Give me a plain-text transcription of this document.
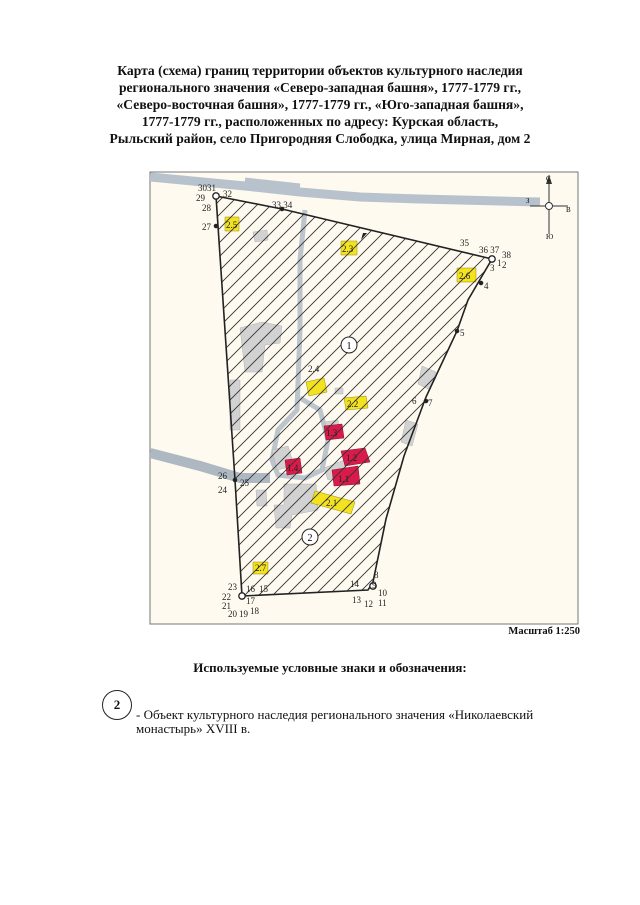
Карта (схема) границ территории объектов культурного наследия
регионального значения «Северо-западная башня», 1777-1779 гг.,
«Северо-восточная башня», 1777-1779 гг., «Юго-западная башня»,
1777-1779 гг., расположенных по адресу: Курская область,
Рыльский район, село Пригородняя Слободка, улица Мирная, дом 2
1
2
2.5
2.3
2.6
2.4
2.2
1.3
1.2
1.4
1.1
2.1
2.7
3031
29 32
28	33 34
27
35
36 37 38
1 2
3
4
5
6 7
26
24
25
8
9
14
10
11
13 12
23
22
21
16 15
17
20 19 18
С
Ю
З
В
Масштаб 1:250
Используемые условные знаки и обозначения:
2
- Объект культурного наследия регионального значения «Николаевский монастырь» XVIII в.
